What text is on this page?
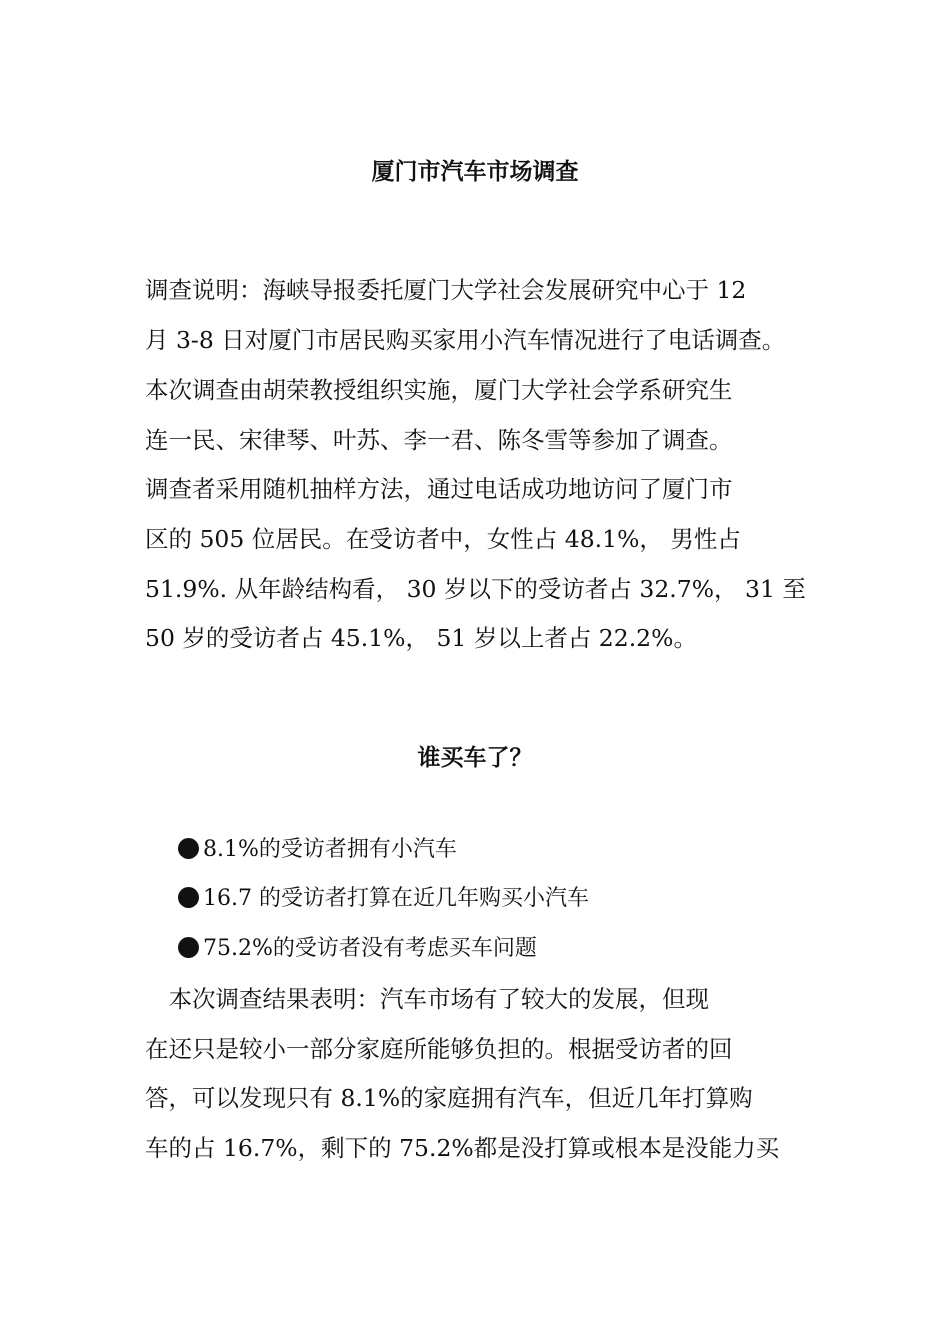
厦门市汽车市场调查
调查说明：海峡导报委托厦门大学社会发展研究中心于 12
月 3-8 日对厦门市居民购买家用小汽车情况进行了电话调查。
本次调查由胡荣教授组织实施，厦门大学社会学系研究生
连一民、宋律琴、叶苏、李一君、陈冬雪等参加了调查。
调查者采用随机抽样方法，通过电话成功地访问了厦门市
区的 505 位居民。在受访者中，女性占 48.1%， 男性占
51.9%. 从年龄结构看， 30 岁以下的受访者占 32.7%， 31 至
50 岁的受访者占 45.1%， 51 岁以上者占 22.2%。
谁买车了？
8.1%的受访者拥有小汽车
16.7 的受访者打算在近几年购买小汽车
75.2%的受访者没有考虑买车问题
　本次调查结果表明：汽车市场有了较大的发展，但现
在还只是较小一部分家庭所能够负担的。根据受访者的回
答，可以发现只有 8.1%的家庭拥有汽车，但近几年打算购
车的占 16.7%，剩下的 75.2%都是没打算或根本是没能力买
